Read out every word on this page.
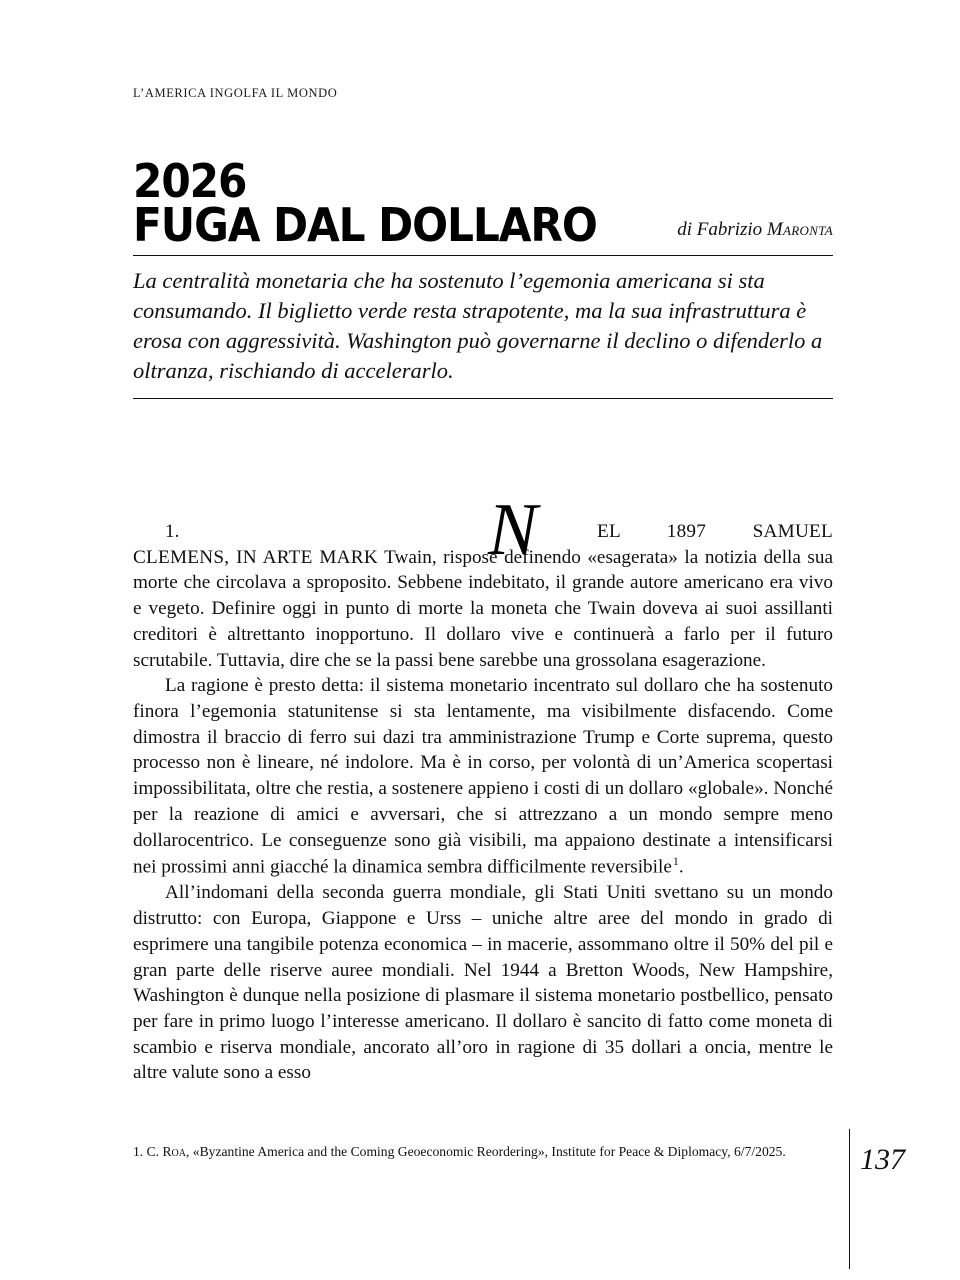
L’AMERICA INGOLFA IL MONDO
2026
FUGA DAL DOLLARO	di Fabrizio Maronta
La centralità monetaria che ha sostenuto l’egemonia americana si sta consumando. Il biglietto verde resta strapotente, ma la sua infrastruttura è erosa con aggressività. Washington può governarne il declino o difenderlo a oltranza, rischiando di accelerarlo.
N

1.	EL 1897 SAMUEL CLEMENS, IN ARTE MARK Twain, rispose definendo «esagerata» la notizia della sua morte che circolava a sproposito. Sebbene indebitato, il grande autore americano era vivo e vegeto. Definire oggi in punto di morte la moneta che Twain doveva ai suoi assillanti creditori è altrettanto inopportuno. Il dollaro vive e continuerà a farlo per il futuro scrutabile. Tuttavia, dire che se la passi bene sarebbe una grossolana esagerazione.

La ragione è presto detta: il sistema monetario incentrato sul dollaro che ha sostenuto finora l’egemonia statunitense si sta lentamente, ma visibilmente disfacendo. Come dimostra il braccio di ferro sui dazi tra amministrazione Trump e Corte suprema, questo processo non è lineare, né indolore. Ma è in corso, per volontà di un’America scopertasi impossibilitata, oltre che restia, a sostenere appieno i costi di un dollaro «globale». Nonché per la reazione di amici e avversari, che si attrezzano a un mondo sempre meno dollarocentrico. Le conseguenze sono già visibili, ma appaiono destinate a intensificarsi nei prossimi anni giacché la dinamica sembra difficilmente reversibile$^1$.

All’indomani della seconda guerra mondiale, gli Stati Uniti svettano su un mondo distrutto: con Europa, Giappone e Urss – uniche altre aree del mondo in grado di esprimere una tangibile potenza economica – in macerie, assommano oltre il 50% del pil e gran parte delle riserve auree mondiali. Nel 1944 a Bretton Woods, New Hampshire, Washington è dunque nella posizione di plasmare il sistema monetario postbellico, pensato per fare in primo luogo l’interesse americano. Il dollaro è sancito di fatto come moneta di scambio e riserva mondiale, ancorato all’oro in ragione di 35 dollari a oncia, mentre le altre valute sono a esso

1. C. Roa, «Byzantine America and the Coming Geoeconomic Reordering», Institute for Peace & Diplomacy, 6/7/2025.	137
